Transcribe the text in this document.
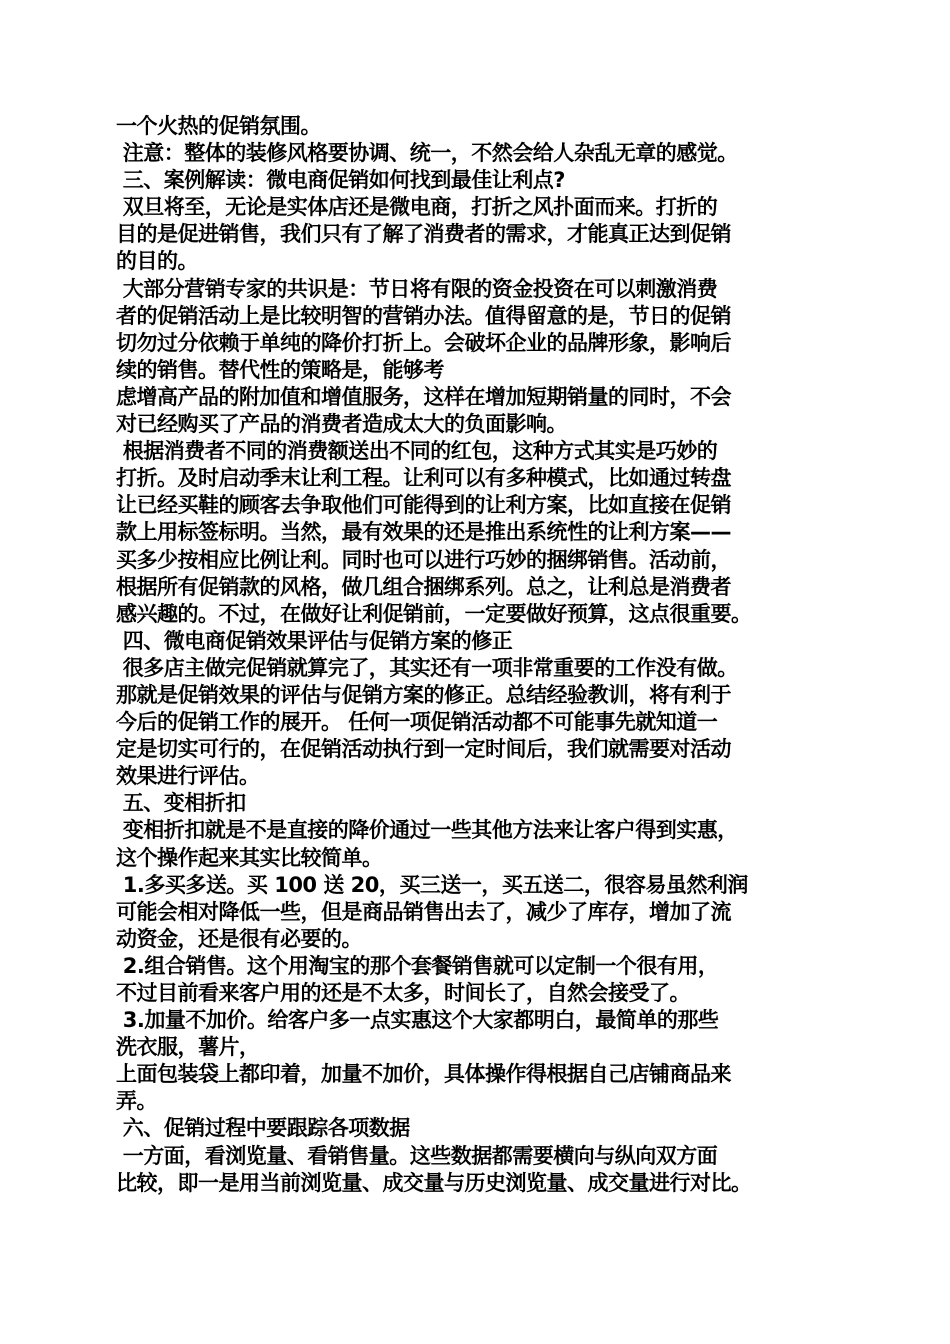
一个火热的促销氛围。
注意：整体的装修风格要协调、统一，不然会给人杂乱无章的感觉。
三、案例解读：微电商促销如何找到最佳让利点?
双旦将至，无论是实体店还是微电商，打折之风扑面而来。打折的
目的是促进销售，我们只有了解了消费者的需求，才能真正达到促销
的目的。
大部分营销专家的共识是：节日将有限的资金投资在可以刺激消费
者的促销活动上是比较明智的营销办法。值得留意的是，节日的促销
切勿过分依赖于单纯的降价打折上。会破坏企业的品牌形象，影响后
续的销售。替代性的策略是，能够考
虑增高产品的附加值和增值服务，这样在增加短期销量的同时，不会
对已经购买了产品的消费者造成太大的负面影响。
根据消费者不同的消费额送出不同的红包，这种方式其实是巧妙的
打折。及时启动季末让利工程。让利可以有多种模式，比如通过转盘
让已经买鞋的顾客去争取他们可能得到的让利方案，比如直接在促销
款上用标签标明。当然，最有效果的还是推出系统性的让利方案——
买多少按相应比例让利。同时也可以进行巧妙的捆绑销售。活动前，
根据所有促销款的风格，做几组合捆绑系列。总之，让利总是消费者
感兴趣的。不过，在做好让利促销前，一定要做好预算，这点很重要。
四、微电商促销效果评估与促销方案的修正
很多店主做完促销就算完了，其实还有一项非常重要的工作没有做。
那就是促销效果的评估与促销方案的修正。总结经验教训，将有利于
今后的促销工作的展开。 任何一项促销活动都不可能事先就知道一
定是切实可行的，在促销活动执行到一定时间后，我们就需要对活动
效果进行评估。
五、变相折扣
变相折扣就是不是直接的降价通过一些其他方法来让客户得到实惠，
这个操作起来其实比较简单。
1.多买多送。买 100 送 20，买三送一，买五送二，很容易虽然利润
可能会相对降低一些，但是商品销售出去了，减少了库存，增加了流
动资金，还是很有必要的。
2.组合销售。这个用淘宝的那个套餐销售就可以定制一个很有用，
不过目前看来客户用的还是不太多，时间长了，自然会接受了。
3.加量不加价。给客户多一点实惠这个大家都明白，最简单的那些
洗衣服，薯片，
上面包装袋上都印着，加量不加价，具体操作得根据自己店铺商品来
弄。
六、促销过程中要跟踪各项数据
一方面，看浏览量、看销售量。这些数据都需要横向与纵向双方面
比较，即一是用当前浏览量、成交量与历史浏览量、成交量进行对比。
